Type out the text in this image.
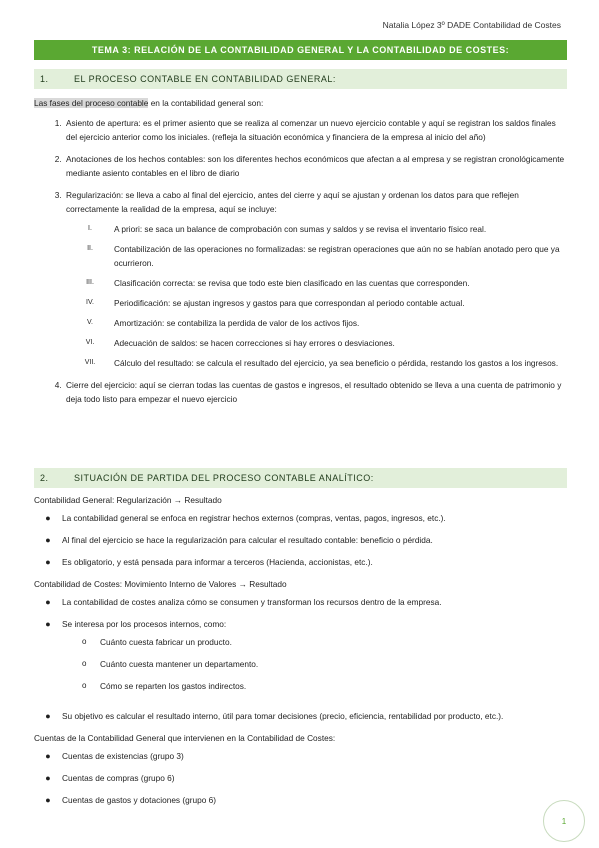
Natalia López 3º DADE Contabilidad de Costes
TEMA 3: RELACIÓN DE LA CONTABILIDAD GENERAL Y LA CONTABILIDAD DE COSTES:
1.	EL PROCESO CONTABLE EN CONTABILIDAD GENERAL:

Las fases del proceso contable en la contabilidad general son:

1. Asiento de apertura: es el primer asiento que se realiza al comenzar un nuevo ejercicio contable y aquí se registran los saldos finales del ejercicio anterior como los iniciales. (refleja la situación económica y financiera de la empresa al inicio del año)
2. Anotaciones de los hechos contables: son los diferentes hechos económicos que afectan a al empresa y se registran cronológicamente mediante asiento contables en el libro de diario
3. Regularización: se lleva a cabo al final del ejercicio, antes del cierre y aquí se ajustan y ordenan los datos para que reflejen correctamente la realidad de la empresa, aquí se incluye:
I.	A priori: se saca un balance de comprobación con sumas y saldos y se revisa el inventario físico real.
II.	Contabilización de las operaciones no formalizadas: se registran operaciones que aún no se habían anotado pero que ya ocurrieron.
III.	Clasificación correcta: se revisa que todo este bien clasificado en las cuentas que corresponden.
IV.	Periodificación: se ajustan ingresos y gastos para que correspondan al periodo contable actual.
V.	Amortización: se contabiliza la perdida de valor de los activos fijos.
VI.	Adecuación de saldos: se hacen correcciones si hay errores o desviaciones.
VII.	Cálculo del resultado: se calcula el resultado del ejercicio, ya sea beneficio o pérdida, restando los gastos a los ingresos.
4. Cierre del ejercicio: aquí se cierran todas las cuentas de gastos e ingresos, el resultado obtenido se lleva a una cuenta de patrimonio y deja todo listo para empezar el nuevo ejercicio
2.	SITUACIÓN DE PARTIDA DEL PROCESO CONTABLE ANALÍTICO:

Contabilidad General: Regularización → Resultado

●	La contabilidad general se enfoca en registrar hechos externos (compras, ventas, pagos, ingresos, etc.).
●	Al final del ejercicio se hace la regularización para calcular el resultado contable: beneficio o pérdida.
●	Es obligatorio, y está pensada para informar a terceros (Hacienda, accionistas, etc.).

Contabilidad de Costes: Movimiento Interno de Valores → Resultado

●	La contabilidad de costes analiza cómo se consumen y transforman los recursos dentro de la empresa.
●	Se interesa por los procesos internos, como:
o	Cuánto cuesta fabricar un producto.
o	Cuánto cuesta mantener un departamento.
o	Cómo se reparten los gastos indirectos.
●	Su objetivo es calcular el resultado interno, útil para tomar decisiones (precio, eficiencia, rentabilidad por producto, etc.).

Cuentas de la Contabilidad General que intervienen en la Contabilidad de Costes:

●	Cuentas de existencias (grupo 3)
●	Cuentas de compras (grupo 6)
●	Cuentas de gastos y dotaciones (grupo 6)
1
